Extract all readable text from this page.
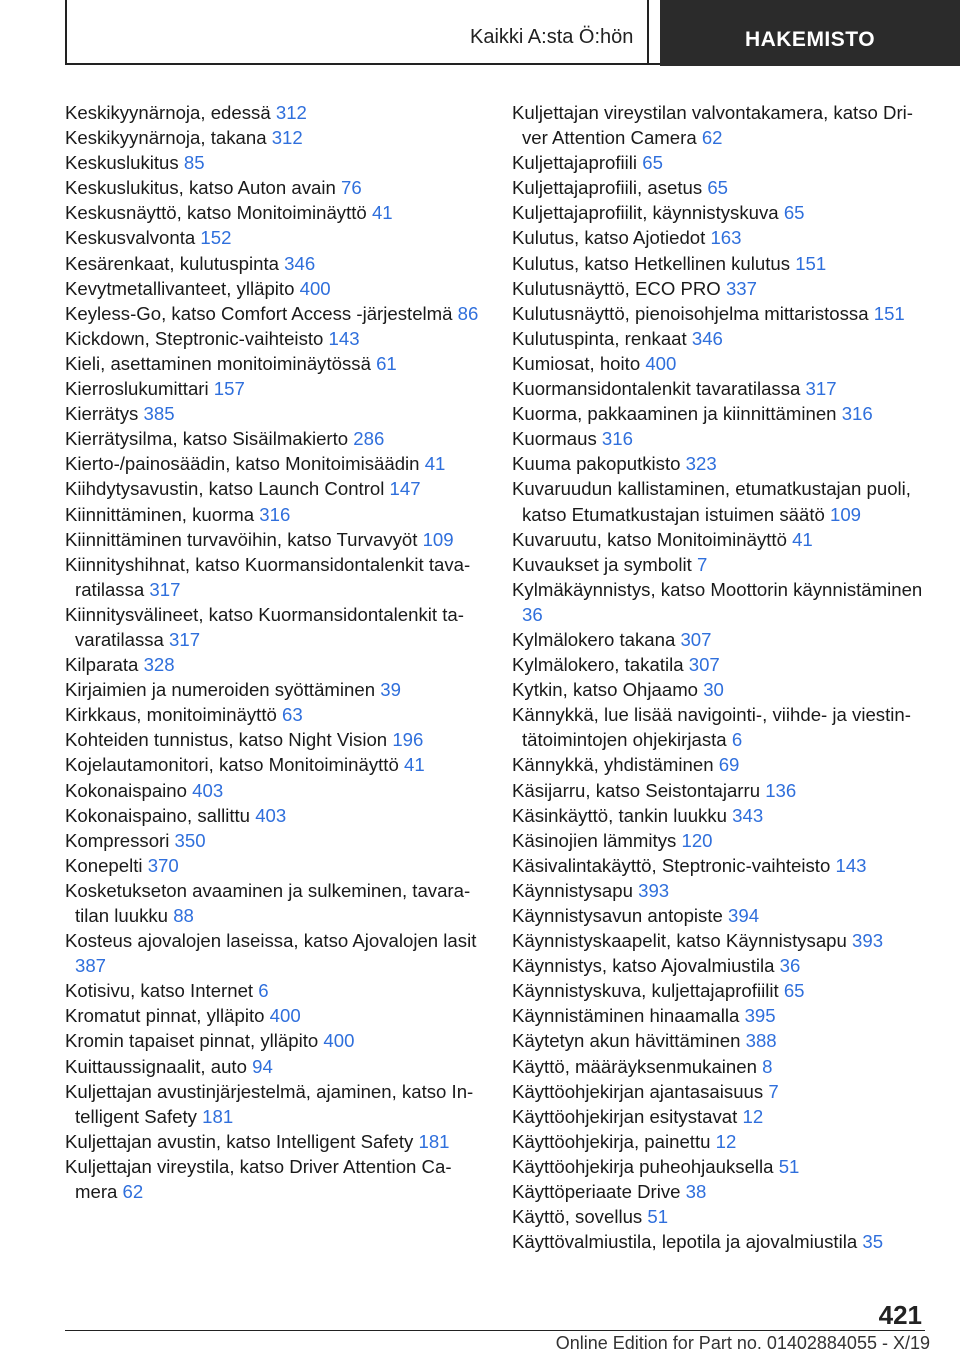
Kaikki A:sta Ö:hön	HAKEMISTO
Keskikyynärnoja, edessä 312
Keskikyynärnoja, takana 312
Keskuslukitus 85
Keskuslukitus, katso Auton avain 76
Keskusnäyttö, katso Monitoiminäyttö 41
Keskusvalvonta 152
Kesärenkaat, kulutuspinta 346
Kevytmetallivanteet, ylläpito 400
Keyless-Go, katso Comfort Access -järjestelmä 86
Kickdown, Steptronic-vaihteisto 143
Kieli, asettaminen monitoiminäytössä 61
Kierroslukumittari 157
Kierrätys 385
Kierrätysilma, katso Sisäilmakierto 286
Kierto-/painosäädin, katso Monitoimisäädin 41
Kiihdytysavustin, katso Launch Control 147
Kiinnittäminen, kuorma 316
Kiinnittäminen turvavöihin, katso Turvavyöt 109
Kiinnityshihnat, katso Kuormansidontalenkit tavaratilassa 317
Kiinnitysvälineet, katso Kuormansidontalenkit tavaratilassa 317
Kilparata 328
Kirjaimien ja numeroiden syöttäminen 39
Kirkkaus, monitoiminäyttö 63
Kohteiden tunnistus, katso Night Vision 196
Kojelautamonitori, katso Monitoiminäyttö 41
Kokonaispaino 403
Kokonaispaino, sallittu 403
Kompressori 350
Konepelti 370
Kosketukseton avaaminen ja sulkeminen, tavaratilan luukku 88
Kosteus ajovalojen laseissa, katso Ajovalojen lasit 387
Kotisivu, katso Internet 6
Kromatut pinnat, ylläpito 400
Kromin tapaiset pinnat, ylläpito 400
Kuittaussignaalit, auto 94
Kuljettajan avustinjärjestelmä, ajaminen, katso Intelligent Safety 181
Kuljettajan avustin, katso Intelligent Safety 181
Kuljettajan vireystila, katso Driver Attention Camera 62
Kuljettajan vireystilan valvontakamera, katso Driver Attention Camera 62
Kuljettajaprofiili 65
Kuljettajaprofiili, asetus 65
Kuljettajaprofiilit, käynnistyskuva 65
Kulutus, katso Ajotiedot 163
Kulutus, katso Hetkellinen kulutus 151
Kulutusnäyttö, ECO PRO 337
Kulutusnäyttö, pienoisohjelma mittaristossa 151
Kulutuspinta, renkaat 346
Kumiosat, hoito 400
Kuormansidontalenkit tavaratilassa 317
Kuorma, pakkaaminen ja kiinnittäminen 316
Kuormaus 316
Kuuma pakoputkisto 323
Kuvaruudun kallistaminen, etumatkustajan puoli, katso Etumatkustajan istuimen säätö 109
Kuvaruutu, katso Monitoiminäyttö 41
Kuvaukset ja symbolit 7
Kylmäkäynnistys, katso Moottorin käynnistäminen 36
Kylmälokero takana 307
Kylmälokero, takatila 307
Kytkin, katso Ohjaamo 30
Kännykkä, lue lisää navigointi-, viihde- ja viestintätoimintojen ohjekirjasta 6
Kännykkä, yhdistäminen 69
Käsijarru, katso Seistontajarru 136
Käsinkäyttö, tankin luukku 343
Käsinojien lämmitys 120
Käsivalintakäyttö, Steptronic-vaihteisto 143
Käynnistysapu 393
Käynnistysavun antopiste 394
Käynnistyskaapelit, katso Käynnistysapu 393
Käynnistys, katso Ajovalmiustila 36
Käynnistyskuva, kuljettajaprofiilit 65
Käynnistäminen hinaamalla 395
Käytetyn akun hävittäminen 388
Käyttö, määräyksenmukainen 8
Käyttöohjekirjan ajantasaisuus 7
Käyttöohjekirjan esitystavat 12
Käyttöohjekirja, painettu 12
Käyttöohjekirja puheohjauksella 51
Käyttöperiaate Drive 38
Käyttö, sovellus 51
Käyttövalmiustila, lepotila ja ajovalmiustila 35
421
Online Edition for Part no. 01402884055 - X/19
